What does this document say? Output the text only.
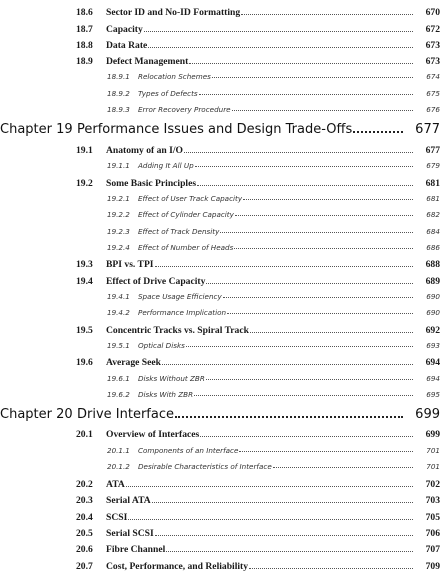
18.6	Sector ID and No-ID Formatting	670
18.7	Capacity	672
18.8	Data Rate	673
18.9	Defect Management	673
18.9.1	Relocation Schemes	674
18.9.2	Types of Defects	675
18.9.3	Error Recovery Procedure	676
Chapter 19 Performance Issues and Design Trade-Offs	677
19.1	Anatomy of an I/O	677
19.1.1	Adding It All Up	679
19.2	Some Basic Principles	681
19.2.1	Effect of User Track Capacity	681
19.2.2	Effect of Cylinder Capacity	682
19.2.3	Effect of Track Density	684
19.2.4	Effect of Number of Heads	686
19.3	BPI vs. TPI	688
19.4	Effect of Drive Capacity	689
19.4.1	Space Usage Efficiency	690
19.4.2	Performance Implication	690
19.5	Concentric Tracks vs. Spiral Track	692
19.5.1	Optical Disks	693
19.6	Average Seek	694
19.6.1	Disks Without ZBR	694
19.6.2	Disks With ZBR	695
Chapter 20 Drive Interface	699
20.1	Overview of Interfaces	699
20.1.1	Components of an Interface	701
20.1.2	Desirable Characteristics of Interface	701
20.2	ATA	702
20.3	Serial ATA	703
20.4	SCSI	705
20.5	Serial SCSI	706
20.6	Fibre Channel	707
20.7	Cost, Performance, and Reliability	709
